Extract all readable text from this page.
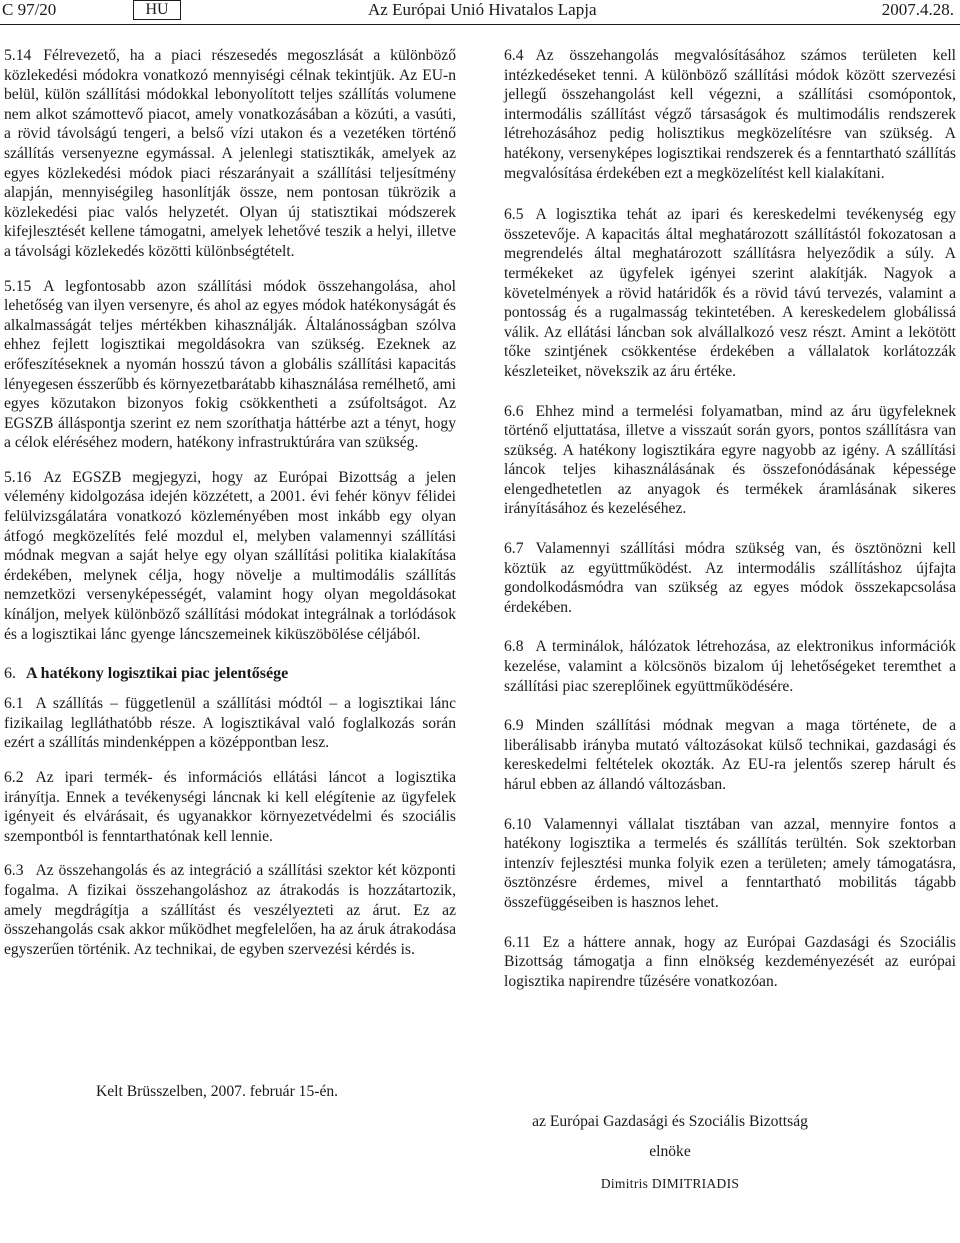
C 97/20	HU	Az Európai Unió Hivatalos Lapja	2007.4.28.

5.14 Félrevezető, ha a piaci részesedés megoszlását a különböző közlekedési módokra vonatkozó mennyiségi célnak tekintjük. Az EU-n belül, külön szállítási módokkal lebonyolított teljes szállítás volumene nem alkot számottevő piacot, amely vonatkozásában a közúti, a vasúti, a rövid távolságú tengeri, a belső vízi utakon és a vezetéken történő szállítás versenyezne egymással. A jelenlegi statisztikák, amelyek az egyes közlekedési módok piaci részarányait a szállítási teljesítmény alapján, mennyiségileg hasonlítják össze, nem pontosan tükrözik a közlekedési piac valós helyzetét. Olyan új statisztikai módszerek kifejlesztését kellene támogatni, amelyek lehetővé teszik a helyi, illetve a távolsági közlekedés közötti különbségtételt.

5.15 A legfontosabb azon szállítási módok összehangolása, ahol lehetőség van ilyen versenyre, és ahol az egyes módok hatékonyságát és alkalmasságát teljes mértékben kihasználják. Általánosságban szólva ehhez fejlett logisztikai megoldásokra van szükség. Ezeknek az erőfeszítéseknek a nyomán hosszú távon a globális szállítási kapacitás lényegesen ésszerűbb és környezetbarátabb kihasználása remélhető, ami egyes közutakon bizonyos fokig csökkentheti a zsúfoltságot. Az EGSZB álláspontja szerint ez nem szoríthatja háttérbe azt a tényt, hogy a célok eléréséhez modern, hatékony infrastruktúrára van szükség.

5.16 Az EGSZB megjegyzi, hogy az Európai Bizottság a jelen vélemény kidolgozása idején közzétett, a 2001. évi fehér könyv félidei felülvizsgálatára vonatkozó közleményében most inkább egy olyan átfogó megközelítés felé mozdul el, melyben valamennyi szállítási módnak megvan a saját helye egy olyan szállítási politika kialakítása érdekében, melynek célja, hogy növelje a multimodális szállítás nemzetközi versenyképességét, valamint hogy olyan megoldásokat kínáljon, melyek különböző szállítási módokat integrálnak a torlódások és a logisztikai lánc gyenge láncszemeinek kiküszöbölése céljából.

6. A hatékony logisztikai piac jelentősége

6.1 A szállítás – függetlenül a szállítási módtól – a logisztikai lánc fizikailag leglláthatóbb része. A logisztikával való foglalkozás során ezért a szállítás mindenképpen a középpontban lesz.

6.2 Az ipari termék- és információs ellátási láncot a logisztika irányítja. Ennek a tevékenységi láncnak ki kell elégítenie az ügyfelek igényeit és elvárásait, és ugyanakkor környezetvédelmi és szociális szempontból is fenntarthatónak kell lennie.

6.3 Az összehangolás és az integráció a szállítási szektor két központi fogalma. A fizikai összehangoláshoz az átrakodás is hozzátartozik, amely megdrágítja a szállítást és veszélyezteti az árut. Ez az összehangolás csak akkor működhet megfelelően, ha az áruk átrakodása egyszerűen történik. Az technikai, de egyben szervezési kérdés is.

6.4 Az összehangolás megvalósításához számos területen kell intézkedéseket tenni. A különböző szállítási módok között szervezési jellegű összehangolást kell végezni, a szállítási csomópontok, intermodális szállítást végző társaságok és multimodális rendszerek létrehozásához pedig holisztikus megközelítésre van szükség. A hatékony, versenyképes logisztikai rendszerek és a fenntartható szállítás megvalósítása érdekében ezt a megközelítést kell kialakítani.

6.5 A logisztika tehát az ipari és kereskedelmi tevékenység egy összetevője. A kapacitás által meghatározott szállítástól fokozatosan a megrendelés által meghatározott szállításra helyeződik a súly. A termékeket az ügyfelek igényei szerint alakítják. Nagyok a követelmények a rövid határidők és a rövid távú tervezés, valamint a pontosság és a rugalmasság tekintetében. A kereskedelem globálissá válik. Az ellátási láncban sok alvállalkozó vesz részt. Amint a lekötött tőke szintjének csökkentése érdekében a vállalatok korlátozzák készleteiket, növekszik az áru értéke.

6.6 Ehhez mind a termelési folyamatban, mind az áru ügyfeleknek történő eljuttatása, illetve a visszaút során gyors, pontos szállításra van szükség. A hatékony logisztikára egyre nagyobb az igény. A szállítási láncok teljes kihasználásának és összefonódásának képessége elengedhetetlen az anyagok és termékek áramlásának sikeres irányításához és kezeléséhez.

6.7 Valamennyi szállítási módra szükség van, és ösztönözni kell köztük az együttműködést. Az intermodális szállításhoz újfajta gondolkodásmódra van szükség az egyes módok összekapcsolása érdekében.

6.8 A terminálok, hálózatok létrehozása, az elektronikus információk kezelése, valamint a kölcsönös bizalom új lehetőségeket teremthet a szállítási piac szereplőinek együttműködésére.

6.9 Minden szállítási módnak megvan a maga története, de a liberálisabb irányba mutató változásokat külső technikai, gazdasági és kereskedelmi feltételek okozták. Az EU-ra jelentős szerep hárult és hárul ebben az állandó változásban.

6.10 Valamennyi vállalat tisztában van azzal, mennyire fontos a hatékony logisztika a termelés és szállítás terültén. Sok szektorban intenzív fejlesztési munka folyik ezen a területen; amely támogatásra, ösztönzésre érdemes, mivel a fenntartható mobilitás tágabb összefüggéseiben is hasznos lehet.

6.11 Ez a háttere annak, hogy az Európai Gazdasági és Szociális Bizottság támogatja a finn elnökség kezdeményezését az európai logisztika napirendre tűzésére vonatkozóan.

Kelt Brüsszelben, 2007. február 15-én.
az Európai Gazdasági és Szociális Bizottság
elnöke
Dimitris DIMITRIADIS
